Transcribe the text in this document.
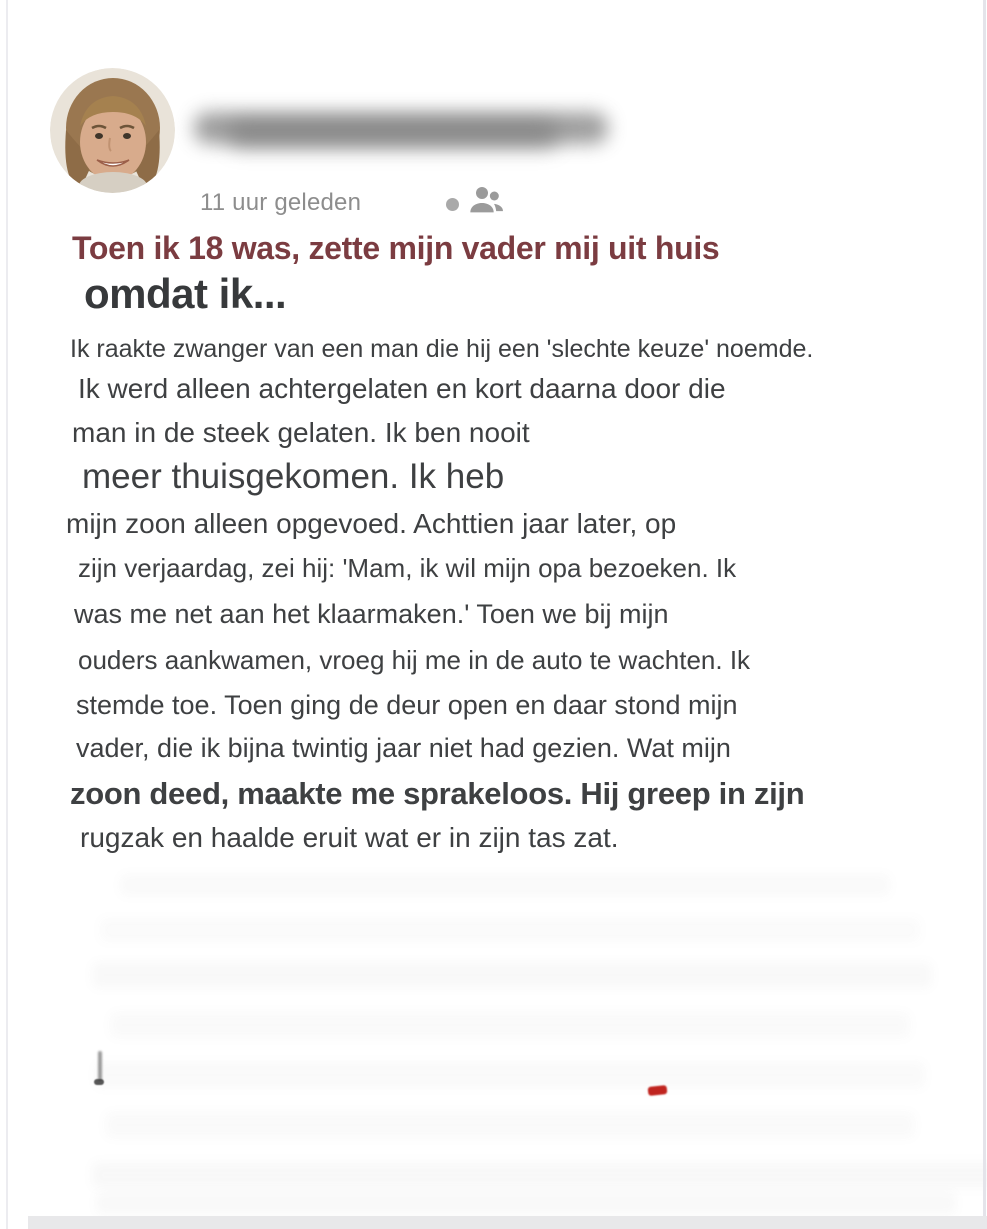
11 uur geleden
Toen ik 18 was, zette mijn vader mij uit huis
omdat ik...
Ik raakte zwanger van een man die hij een 'slechte keuze' noemde.
Ik werd alleen achtergelaten en kort daarna door die
man in de steek gelaten. Ik ben nooit
meer thuisgekomen. Ik heb
mijn zoon alleen opgevoed. Achttien jaar later, op
zijn verjaardag, zei hij: 'Mam, ik wil mijn opa bezoeken. Ik
was me net aan het klaarmaken.' Toen we bij mijn
ouders aankwamen, vroeg hij me in de auto te wachten. Ik
stemde toe. Toen ging de deur open en daar stond mijn
vader, die ik bijna twintig jaar niet had gezien. Wat mijn
zoon deed, maakte me sprakeloos. Hij greep in zijn
rugzak en haalde eruit wat er in zijn tas zat.
